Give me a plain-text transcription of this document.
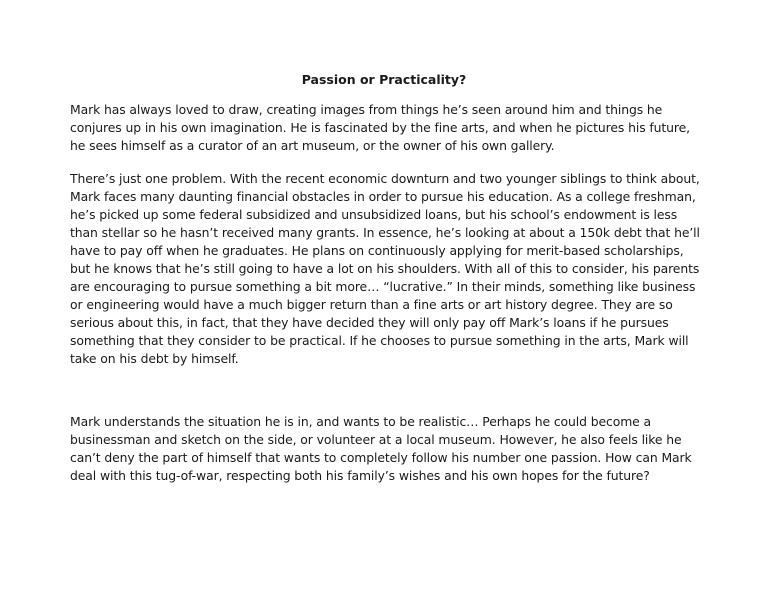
Passion or Practicality?

Mark has always loved to draw, creating images from things he’s seen around him and things he conjures up in his own imagination. He is fascinated by the fine arts, and when he pictures his future, he sees himself as a curator of an art museum, or the owner of his own gallery.

There’s just one problem. With the recent economic downturn and two younger siblings to think about, Mark faces many daunting financial obstacles in order to pursue his education. As a college freshman, he’s picked up some federal subsidized and unsubsidized loans, but his school’s endowment is less than stellar so he hasn’t received many grants. In essence, he’s looking at about a 150k debt that he’ll have to pay off when he graduates. He plans on continuously applying for merit-based scholarships, but he knows that he’s still going to have a lot on his shoulders. With all of this to consider, his parents are encouraging to pursue something a bit more… “lucrative.” In their minds, something like business or engineering would have a much bigger return than a fine arts or art history degree. They are so serious about this, in fact, that they have decided they will only pay off Mark’s loans if he pursues something that they consider to be practical. If he chooses to pursue something in the arts, Mark will take on his debt by himself.

Mark understands the situation he is in, and wants to be realistic… Perhaps he could become a businessman and sketch on the side, or volunteer at a local museum. However, he also feels like he can’t deny the part of himself that wants to completely follow his number one passion. How can Mark deal with this tug-of-war, respecting both his family’s wishes and his own hopes for the future?
